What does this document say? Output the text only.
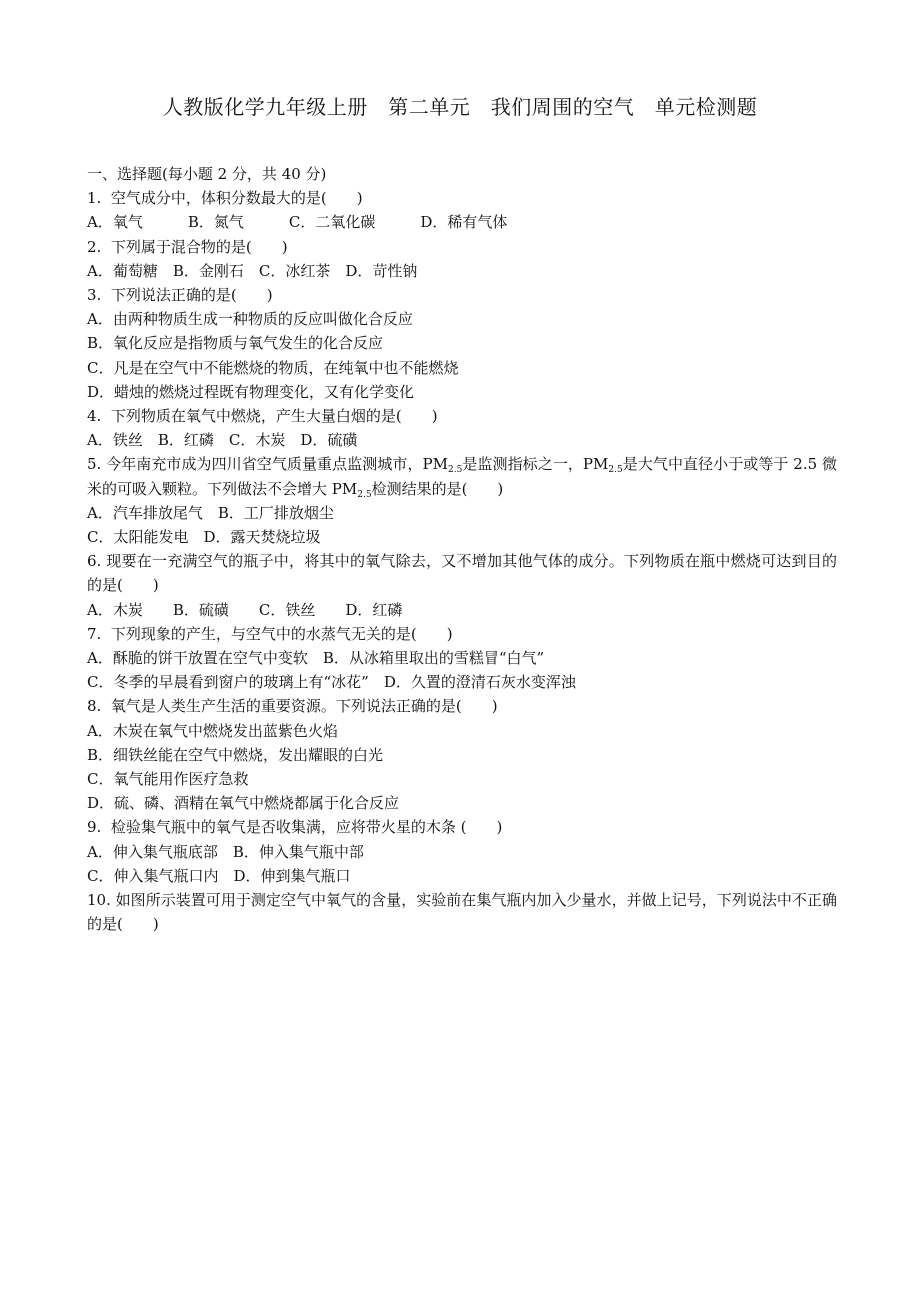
人教版化学九年级上册　第二单元　我们周围的空气　单元检测题
一、选择题(每小题 2 分，共 40 分)
1.  空气成分中，体积分数最大的是(　　)
A．氧气　　　B．氮气　　　C．二氧化碳　　　D．稀有气体
2.  下列属于混合物的是(　　)
A．葡萄糖　B．金刚石　C．冰红茶　D．苛性钠
3.  下列说法正确的是(　　)
A．由两种物质生成一种物质的反应叫做化合反应
B．氧化反应是指物质与氧气发生的化合反应
C．凡是在空气中不能燃烧的物质，在纯氧中也不能燃烧
D．蜡烛的燃烧过程既有物理变化，又有化学变化
4.  下列物质在氧气中燃烧，产生大量白烟的是(　　)
A．铁丝　B．红磷　C．木炭　D．硫磺
5. 今年南充市成为四川省空气质量重点监测城市，$PM_{2.5}$是监测指标之一，$PM_{2.5}$是大气中直径小于或等于 2.5 微米的可吸入颗粒。下列做法不会增大 $PM_{2.5}$检测结果的是(　　)
A．汽车排放尾气　B．工厂排放烟尘
C．太阳能发电　D．露天焚烧垃圾
6. 现要在一充满空气的瓶子中，将其中的氧气除去，又不增加其他气体的成分。下列物质在瓶中燃烧可达到目的的是(　　)
A．木炭　　B．硫磺　　C．铁丝　　D．红磷
7.  下列现象的产生，与空气中的水蒸气无关的是(　　)
A．酥脆的饼干放置在空气中变软　B．从冰箱里取出的雪糕冒“白气”
C．冬季的早晨看到窗户的玻璃上有“冰花”　D．久置的澄清石灰水变浑浊
8.  氧气是人类生产生活的重要资源。下列说法正确的是(　　)
A．木炭在氧气中燃烧发出蓝紫色火焰
B．细铁丝能在空气中燃烧，发出耀眼的白光
C．氧气能用作医疗急救
D．硫、磷、酒精在氧气中燃烧都属于化合反应
9.  检验集气瓶中的氧气是否收集满，应将带火星的木条 (　　)
A．伸入集气瓶底部　B．伸入集气瓶中部
C．伸入集气瓶口内　D．伸到集气瓶口
10. 如图所示装置可用于测定空气中氧气的含量，实验前在集气瓶内加入少量水，并做上记号，下列说法中不正确的是(　　)
